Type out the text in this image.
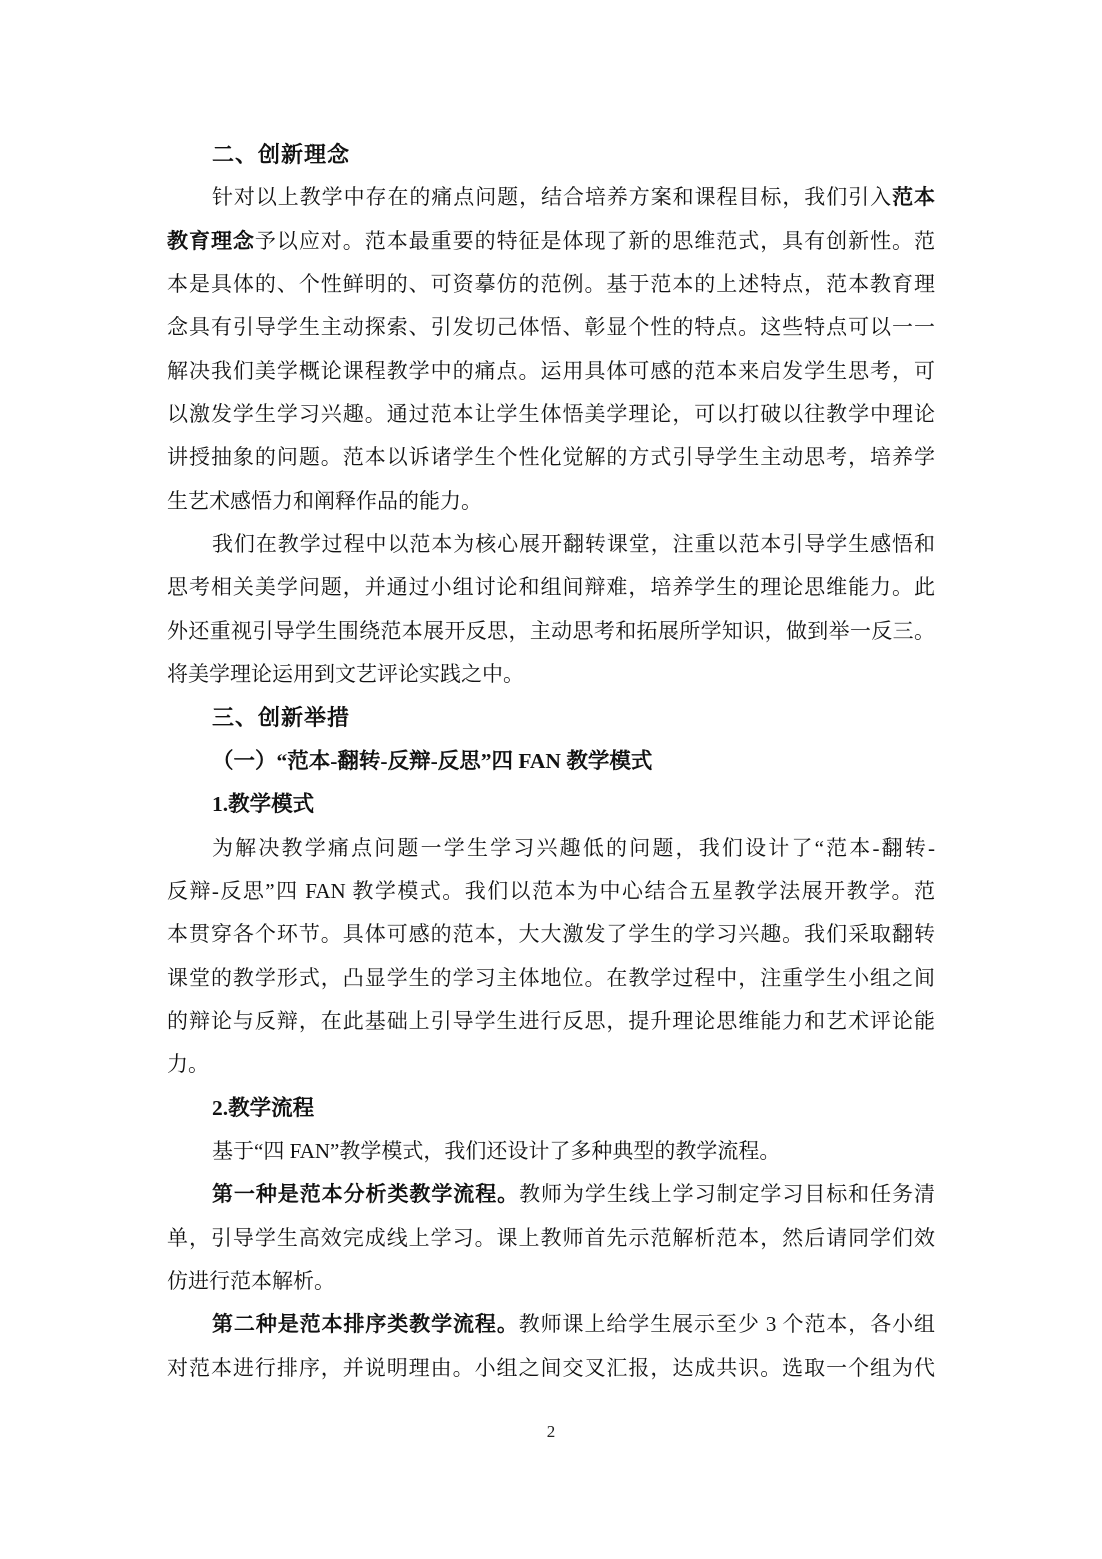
二、创新理念
针对以上教学中存在的痛点问题，结合培养方案和课程目标，我们引入范本
教育理念予以应对。范本最重要的特征是体现了新的思维范式，具有创新性。范
本是具体的、个性鲜明的、可资摹仿的范例。基于范本的上述特点，范本教育理
念具有引导学生主动探索、引发切己体悟、彰显个性的特点。这些特点可以一一
解决我们美学概论课程教学中的痛点。运用具体可感的范本来启发学生思考，可
以激发学生学习兴趣。通过范本让学生体悟美学理论，可以打破以往教学中理论
讲授抽象的问题。范本以诉诸学生个性化觉解的方式引导学生主动思考，培养学
生艺术感悟力和阐释作品的能力。
我们在教学过程中以范本为核心展开翻转课堂，注重以范本引导学生感悟和
思考相关美学问题，并通过小组讨论和组间辩难，培养学生的理论思维能力。此
外还重视引导学生围绕范本展开反思，主动思考和拓展所学知识，做到举一反三。
将美学理论运用到文艺评论实践之中。
三、创新举措
（一）“范本-翻转-反辩-反思”四 FAN 教学模式
1.教学模式
为解决教学痛点问题一学生学习兴趣低的问题，我们设计了“范本-翻转-
反辩-反思”四 FAN 教学模式。我们以范本为中心结合五星教学法展开教学。范
本贯穿各个环节。具体可感的范本，大大激发了学生的学习兴趣。我们采取翻转
课堂的教学形式，凸显学生的学习主体地位。在教学过程中，注重学生小组之间
的辩论与反辩，在此基础上引导学生进行反思，提升理论思维能力和艺术评论能
力。
2.教学流程
基于“四 FAN”教学模式，我们还设计了多种典型的教学流程。
第一种是范本分析类教学流程。教师为学生线上学习制定学习目标和任务清
单，引导学生高效完成线上学习。课上教师首先示范解析范本，然后请同学们效
仿进行范本解析。
第二种是范本排序类教学流程。教师课上给学生展示至少 3 个范本，各小组
对范本进行排序，并说明理由。小组之间交叉汇报，达成共识。选取一个组为代
2
